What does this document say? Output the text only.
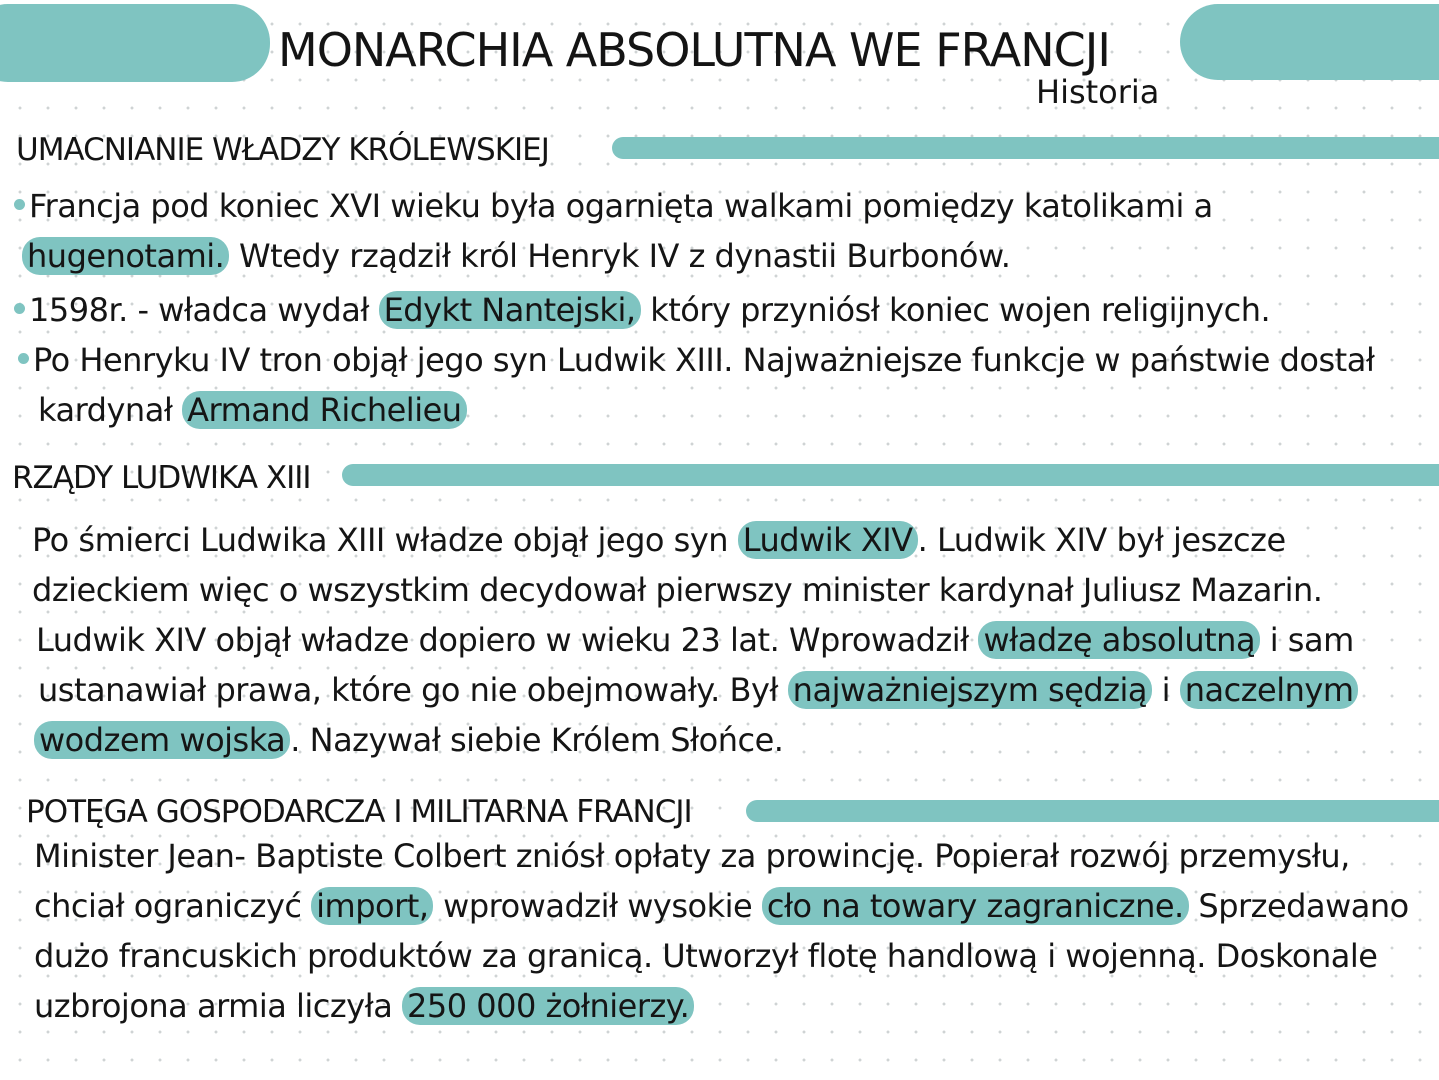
MONARCHIA ABSOLUTNA WE FRANCJI
Historia
UMACNIANIE WŁADZY KRÓLEWSKIEJ
Francja pod koniec XVI wieku była ogarnięta walkami pomiędzy katolikami a
hugenotami. Wtedy rządził król Henryk IV z dynastii Burbonów.
1598r. - władca wydał Edykt Nantejski, który przyniósł koniec wojen religijnych.
Po Henryku IV tron objął jego syn Ludwik XIII. Najważniejsze funkcje w państwie dostał
kardynał Armand Richelieu
RZĄDY LUDWIKA XIII
Po śmierci Ludwika XIII władze objął jego syn Ludwik XIV . Ludwik XIV był jeszcze
dzieckiem więc o wszystkim decydował pierwszy minister kardynał Juliusz Mazarin.
Ludwik XIV objął władze dopiero w wieku 23 lat. Wprowadził władzę absolutną i sam
ustanawiał prawa, które go nie obejmowały. Był najważniejszym sędzią i naczelnym
wodzem wojska . Nazywał siebie Królem Słońce.
POTĘGA GOSPODARCZA I MILITARNA FRANCJI
Minister Jean- Baptiste Colbert zniósł opłaty za prowincję. Popierał rozwój przemysłu,
chciał ograniczyć import, wprowadził wysokie cło na towary zagraniczne. Sprzedawano
dużo francuskich produktów za granicą. Utworzył flotę handlową i wojenną. Doskonale
uzbrojona armia liczyła 250 000 żołnierzy.
